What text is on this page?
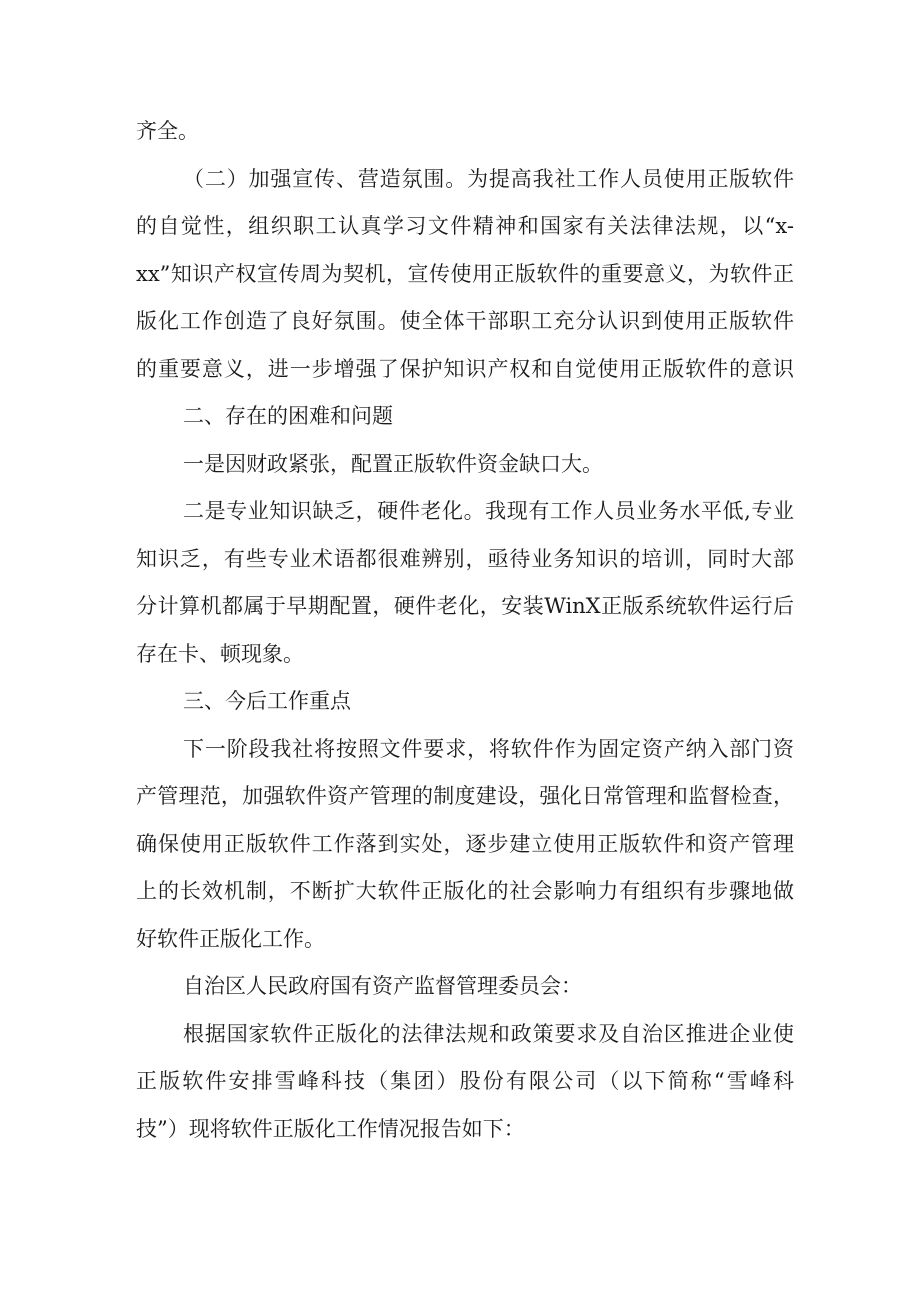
齐全。
（二）加强宣传、营造氛围。为提高我社工作人员使用正版软件
的自觉性，组织职工认真学习文件精神和国家有关法律法规，以“x-
xx”知识产权宣传周为契机，宣传使用正版软件的重要意义，为软件正
版化工作创造了良好氛围。使全体干部职工充分认识到使用正版软件
的重要意义，进一步增强了保护知识产权和自觉使用正版软件的意识
二、存在的困难和问题
一是因财政紧张，配置正版软件资金缺口大。
二是专业知识缺乏，硬件老化。我现有工作人员业务水平低,专业
知识乏，有些专业术语都很难辨别，亟待业务知识的培训，同时大部
分计算机都属于早期配置，硬件老化，安装WinX正版系统软件运行后
存在卡、顿现象。
三、今后工作重点
下一阶段我社将按照文件要求，将软件作为固定资产纳入部门资
产管理范，加强软件资产管理的制度建设，强化日常管理和监督检查，
确保使用正版软件工作落到实处，逐步建立使用正版软件和资产管理
上的长效机制，不断扩大软件正版化的社会影响力有组织有步骤地做
好软件正版化工作。
自治区人民政府国有资产监督管理委员会：
根据国家软件正版化的法律法规和政策要求及自治区推进企业使
正版软件安排雪峰科技（集团）股份有限公司（以下简称“雪峰科
技”）现将软件正版化工作情况报告如下：
